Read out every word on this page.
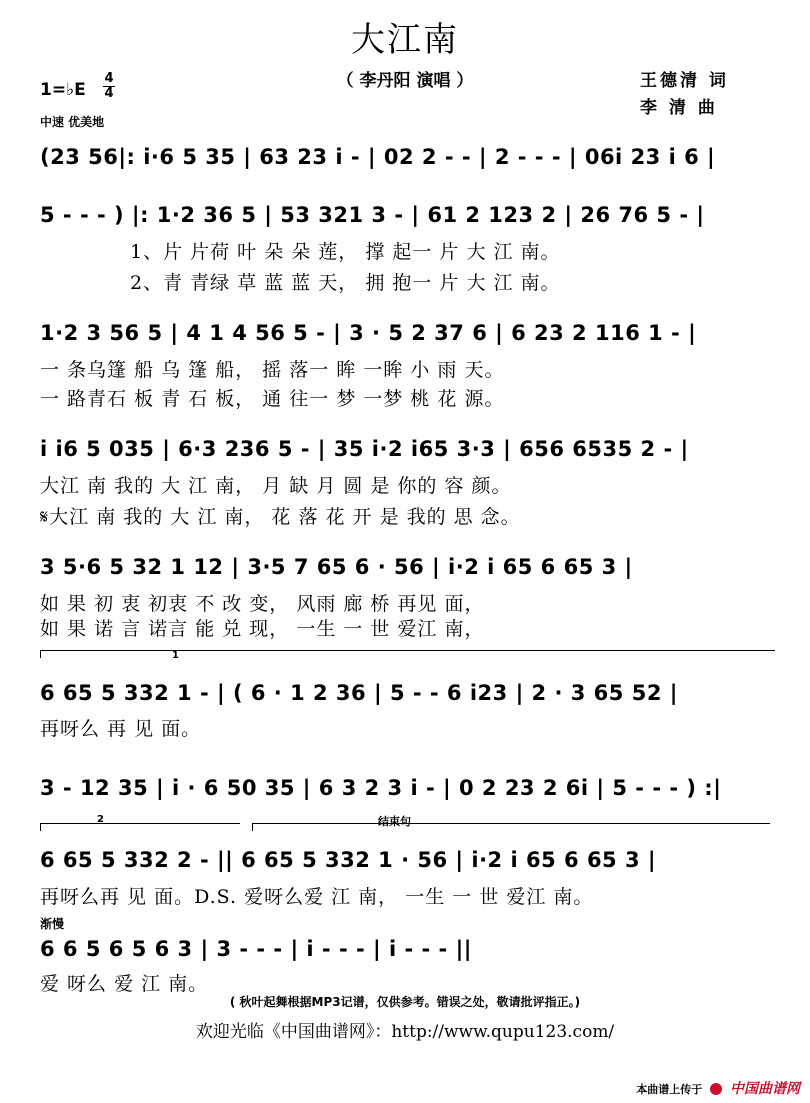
大江南
（ 李丹阳 演唱 ）	王德清 词
李 清 曲
1=♭E
4
4
中速 优美地
(23 56|: i·6 5 35 | 63 23 i - | 02 2 - - | 2 - - - | 06i 23 i 6 |
5 - - - ) |: 1·2 36 5 | 53 321 3 - | 61 2 123 2 | 26 76 5 - |
1、片 片荷 叶 朵 朵 莲， 撑 起一 片 大 江 南。
2、青 青绿 草 蓝 蓝 天， 拥 抱一 片 大 江 南。
1·2 3 56 5 | 4 1 4 56 5 - | 3 · 5 2 37 6 | 6 23 2 116 1 - |
一 条乌篷 船 乌 篷 船， 摇 落一 眸 一眸 小 雨 天。
一 路青石 板 青 石 板， 通 往一 梦 一梦 桃 花 源。
i i6 5 035 | 6·3 236 5 - | 35 i·2 i65 3·3 | 656 6535 2 - |
大江 南 我的 大 江 南， 月 缺 月 圆 是 你的 容 颜。
𝄋大江 南 我的 大 江 南， 花 落 花 开 是 我的 思 念。
3 5·6 5 32 1 12 | 3·5 7 65 6 · 56 | i·2 i 65 6 65 3 |
如 果 初 衷 初衷 不 改 变， 风雨 廊 桥 再见 面，
如 果 诺 言 诺言 能 兑 现， 一生 一 世 爱江 南，
1
6 65 5 332 1 - | ( 6 · 1 2 36 | 5 - - 6 i23 | 2 · 3 65 52 |
再呀么 再 见 面。
3 - 12 35 | i · 6 50 35 | 6 3 2 3 i - | 0 2 23 2 6i | 5 - - - ) :|
2	结束句
6 65 5 332 2 - || 6 65 5 332 1 · 56 | i·2 i 65 6 65 3 |
再呀么再 见 面。D.S. 爱呀么爱 江 南， 一生 一 世 爱江 南。
渐慢
6 6 5 6 5 6 3 | 3 - - - | i - - - | i - - - ||
爱 呀么 爱 江 南。
( 秋叶起舞根据MP3记谱，仅供参考。错误之处，敬请批评指正。)
欢迎光临《中国曲谱网》：http://www.qupu123.com/
本曲谱上传于 中国曲谱网
